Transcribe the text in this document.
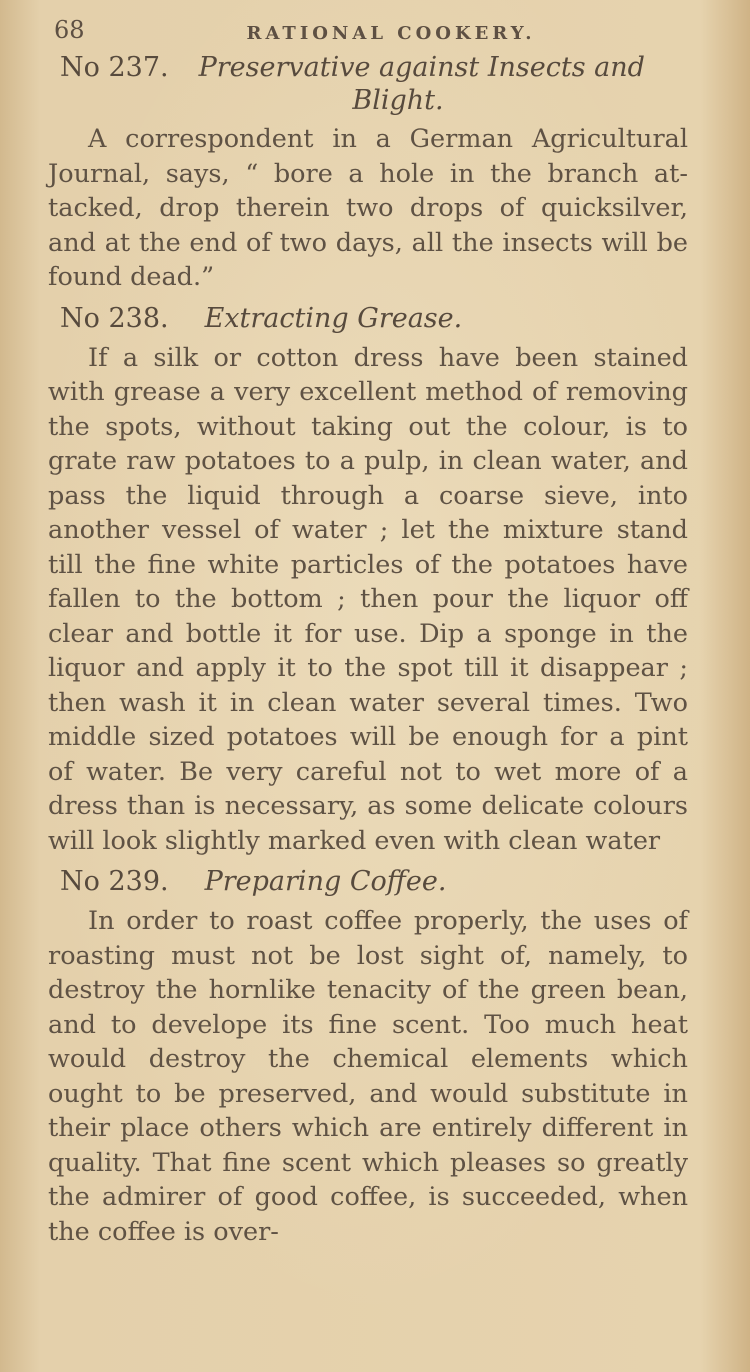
68	RATIONAL COOKERY.

No 237. Preservative against Insects and
Blight.

A correspondent in a German Agricultural Journal, says, “ bore a hole in the branch attacked, drop therein two drops of quicksilver, and at the end of two days, all the insects will be found dead.”

No 238. Extracting Grease.

If a silk or cotton dress have been stained with grease a very excellent method of removing the spots, without taking out the colour, is to grate raw potatoes to a pulp, in clean water, and pass the liquid through a coarse sieve, into another vessel of water ; let the mixture stand till the fine white particles of the potatoes have fallen to the bottom ; then pour the liquor off clear and bottle it for use. Dip a sponge in the liquor and apply it to the spot till it disappear ; then wash it in clean water several times. Two middle sized potatoes will be enough for a pint of water. Be very careful not to wet more of a dress than is necessary, as some delicate colours will look slightly marked even with clean water

No 239. Preparing Coffee.

In order to roast coffee properly, the uses of roasting must not be lost sight of, namely, to destroy the hornlike tenacity of the green bean, and to develope its fine scent. Too much heat would destroy the chemical elements which ought to be preserved, and would substitute in their place others which are entirely different in quality. That fine scent which pleases so greatly the admirer of good coffee, is succeeded, when the coffee is over-
